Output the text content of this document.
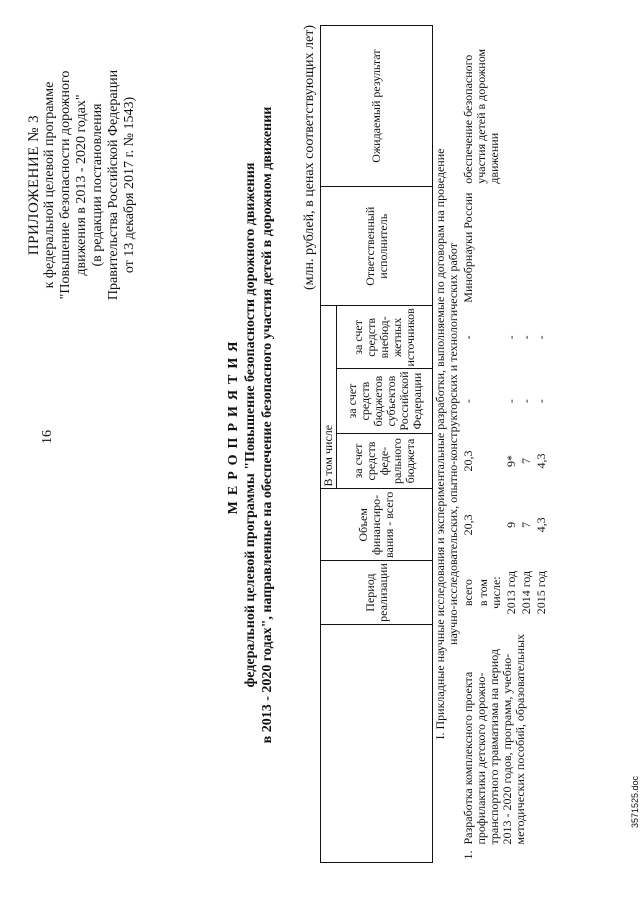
16
3571525.doc
ПРИЛОЖЕНИЕ № 3 к федеральной целевой программе "Повышение безопасности дорожного движения в 2013 - 2020 годах" (в редакции постановления Правительства Российской Федерации от 13 декабря 2017 г. № 1543)
МЕРОПРИЯТИЯ федеральной целевой программы "Повышение безопасности дорожного движения в 2013 - 2020 годах", направленные на обеспечение безопасного участия детей в дорожном движении (млн. рублей, в ценах соответствующих лет)
	Период реализации	Объем финансиро-вания - всего	В том числе			Ответственный исполнитель	Ожидаемый результат
			за счет средств феде-рального бюджета	за счет средств бюджетов субъектов Российской Федерации	за счет средств внебюд-жетных источников		

I. Прикладные научные исследования и экспериментальные разработки, выполняемые по договорам на проведение научно-исследовательских, опытно-конструкторских и технологических работ							

1.
Разработка комплексного проекта профилактики детского дорожно-транспортного травматизма на период 2013 - 2020 годов, программ, учебно-методических пособий, образовательных	всего	20,3	20,3	-	-	Минобрнауки России	обеспечение безопасного участия детей в дорожном движении
	в том числе:						
	2013 год	9	9*	-	-		
	2014 год	7	7	-	-		
	2015 год	4,3	4,3	-	-		
